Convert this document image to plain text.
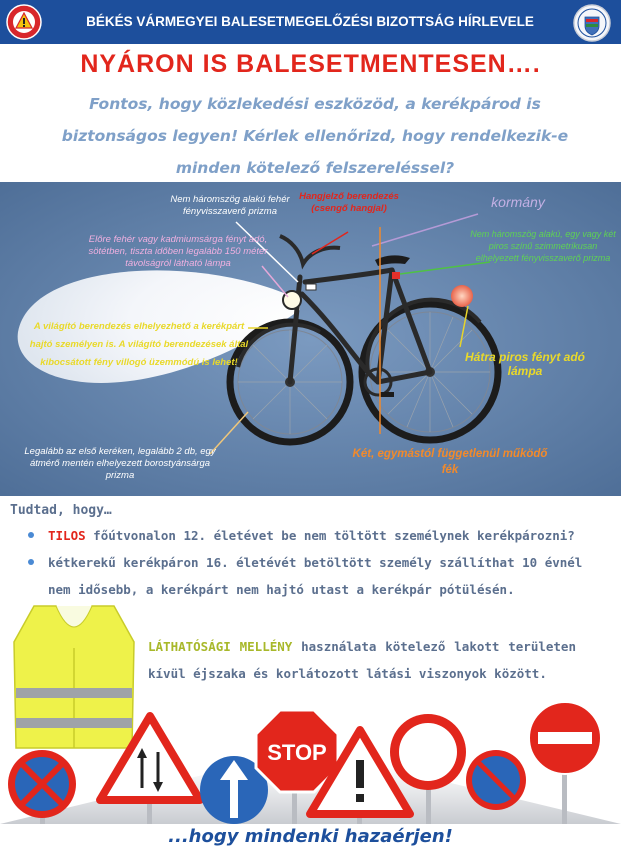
BÉKÉS VÁRMEGYEI BALESETMEGELŐZÉSI BIZOTTSÁG HÍRLEVELE
NYÁRON IS BALESETMENTESEN….
Fontos, hogy közlekedési eszközöd, a kerékpárod is biztonságos legyen! Kérlek ellenőrizd, hogy rendelkezik-e minden kötelező felszereléssel?
Nem háromszög alakú fehér fényvisszaverő prizma
Hangjelző berendezés (csengő hangjal)	kormány
Előre fehér vagy kadmiumsárga fényt adó, sötétben, tiszta időben legalább 150 méter távolságról látható lámpa
Nem háromszög alakú, egy vagy két piros színű szimmetrikusan elhelyezett fényvisszaverő prizma
A világító berendezés elhelyezhető a kerékpárt hajtó személyen is. A világító berendezések által kibocsátott fény villogó üzemmódú is lehet!	Hátra piros fényt adó lámpa
Legalább az első keréken, legalább 2 db, egy átmérő mentén elhelyezett borostyánsárga prizma
Két, egymástól függetlenül működő fék
Tudtad, hogy…
TILOS főútvonalon 12. életévet be nem töltött személynek kerékpározni?
kétkerekű kerékpáron 16. életévét betöltött személy szállíthat 10 évnél nem idősebb, a kerékpárt nem hajtó utast a kerékpár pótülésén.
LÁTHATÓSÁGI MELLÉNY használata kötelező lakott területen kívül éjszaka és korlátozott látási viszonyok között.
STOP
...hogy mindenki hazaérjen!
